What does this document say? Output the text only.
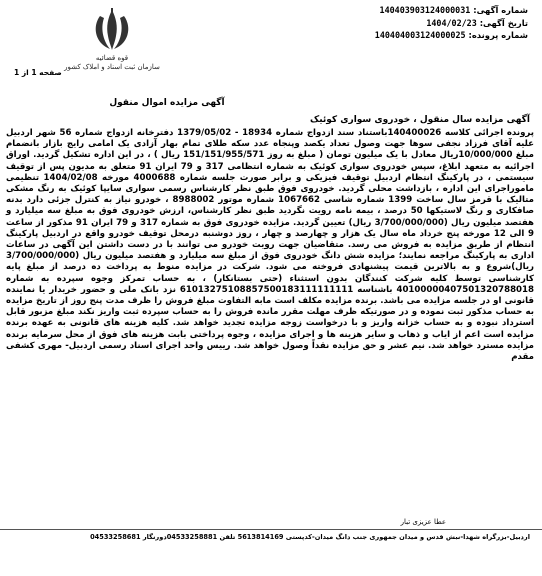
شماره آگهی: 140403903124000031
تاریخ آگهی: 1404/02/23
شماره پرونده: 140404003124000025
قوه قضائیه
سازمان ثبت اسناد و املاک کشور
صفحه 1 از 1
آگهی مزایده اموال منقول
آگهی مزایده سال منقول ، خودروی سواری کوئیک
پرونده اجرائی کلاسه 140400026باستناد سند ازدواج شماره 18934 - 1379/05/02 دفترخانه ازدواج شماره 56 شهر اردبیل علیه آقای فرزاد نجفی سوها جهت وصول تعداد یکصد وپنجاه عدد سکه طلای تمام بهار آزادی یک امامی رایج بازار بانضمام مبلغ 10/000/000ریال معادل با یک میلیون تومان ( مبلغ به روز 151/151/955/571 ریال ) ، در این اداره تشکیل گردید. اوراق اجرائیه به متعهد ابلاغ، سپس خودروی سواری کوئیک به شماره انتظامی 317 و 79 ایران 91 متعلق به مدیون پس از توقیف سیستمی ، در پارکینگ انتظام اردبیل توقیف فیزیکی و برابر صورت جلسه شماره 4000688 مورخه 1404/02/08 تنظیمی ماموراجرای این اداره ، بازداشت محلی گردید. خودروی فوق طبق نظر کارشناس رسمی سواری سایپا کوئیک به رنگ مشکی متالیک با قرمز سال ساخت 1399 شماره شاسی 1067662 شماره موتور 8988002 ، خودرو نیاز به کنترل جزئی دارد بدنه صافکاری و رنگ لاستیکها 50 درصد ، بیمه نامه رویت نگردید طبق نظر کارشناس، ارزش خودروی فوق به مبلغ سه میلیارد و هفتصد میلیون ریال (3/700/000/000 ریال) تعیین گردید. مزایده خودروی فوق به شماره 317 و 79 ایران 91 مذکور از ساعت 9 الی 12 مورخه پنج خرداد ماه سال یک هزار و چهارصد و چهار ، روز دوشنبه درمحل توقیف خودرو واقع در اردبیل پارکینگ انتظام از طریق مزایده به فروش می رسد. متقاضیان جهت رویت خودرو می توانند با در دست داشتن این آگهی در ساعات اداری به پارکینگ مراجعه نمایند؛ مزایده شش دانگ خودروی فوق از مبلغ سه میلیارد و هفتصد میلیون ریال (3/700/000/000 ریال)شروع و به بالاترین قیمت پیشنهادی فروخته می شود. شرکت در مزایده منوط به پرداخت ده درصد از مبلغ پایه کارشناسی توسط کلیه شرکت کنندگان بدون استثناء (حتی بستانکار) ، به حساب تمرکز وجوه سپرده به شماره 40100000407501320788018 باشناسه 61013275108857500183111111111 نزد بانک ملی و حضور خریدار یا نماینده قانونی او در جلسه مزایده می باشد. برنده مزایده مکلف است مابه التفاوت مبلغ فروش را ظرف مدت پنج روز از تاریخ مزایده به حساب مذکور ثبت نموده و در صورتیکه ظرف مهلت مقرر مانده فروش را به حساب سپرده ثبت واریز نکند مبلغ مزبور قابل استرداد نبوده و به حساب خزانه واریز و با درخواست زوجه مزایده تجدید خواهد شد. کلیه هزینه های قانونی به عهده برنده مزایده است اعم از ایاب و ذهاب و سایر هزینه ها و اجرای مزایده ، وجوه پرداختی بابت هزینه های فوق از محل سرمایه برنده مزایده مسترد خواهد شد. نیم عشر و حق مزایده نقداً وصول خواهد شد. رییس واحد اجرای اسناد رسمی اردبیل- مهری کشفی مقدم
عطا عزیزی تبار
اردبیل-بزرگراه شهدا-نبش قدس و میدان جمهوری جنب دانگ میدان-کدپستی 5613814169 تلفن 04533258881دورنگار 04533258681
